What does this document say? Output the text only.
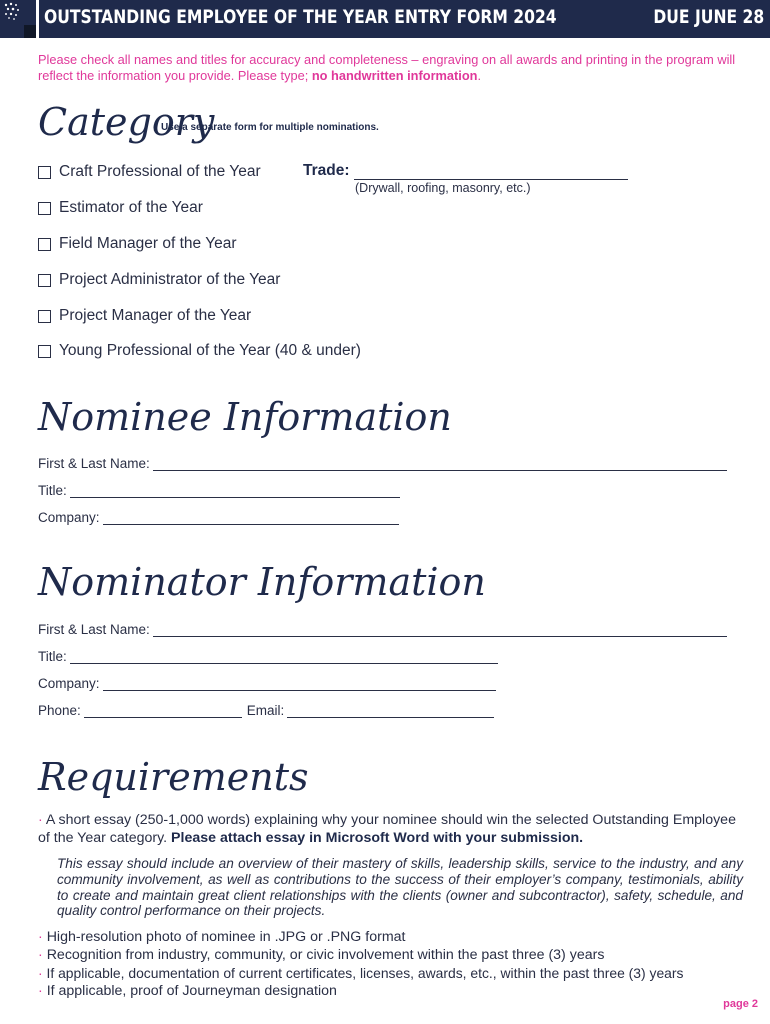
OUTSTANDING EMPLOYEE OF THE YEAR ENTRY FORM 2024	DUE JUNE 28
Please check all names and titles for accuracy and completeness – engraving on all awards and printing in the program will reflect the information you provide. Please type; no handwritten information.
Category
Use a separate form for multiple nominations.
Craft Professional of the Year	Trade:
(Drywall, roofing, masonry, etc.)
Estimator of the Year
Field Manager of the Year
Project Administrator of the Year
Project Manager of the Year
Young Professional of the Year (40 & under)
Nominee Information
First & Last Name:
Title:
Company:
Nominator Information
First & Last Name:
Title:
Company:
Phone:	Email:
Requirements
· A short essay (250-1,000 words) explaining why your nominee should win the selected Outstanding Employee of the Year category. Please attach essay in Microsoft Word with your submission.
This essay should include an overview of their mastery of skills, leadership skills, service to the industry, and any community involvement, as well as contributions to the success of their employer’s company, testimonials, ability to create and maintain great client relationships with the clients (owner and subcontractor), safety, schedule, and quality control performance on their projects.
· High-resolution photo of nominee in .JPG or .PNG format
· Recognition from industry, community, or civic involvement within the past three (3) years
· If applicable, documentation of current certificates, licenses, awards, etc., within the past three (3) years
· If applicable, proof of Journeyman designation
page 2
